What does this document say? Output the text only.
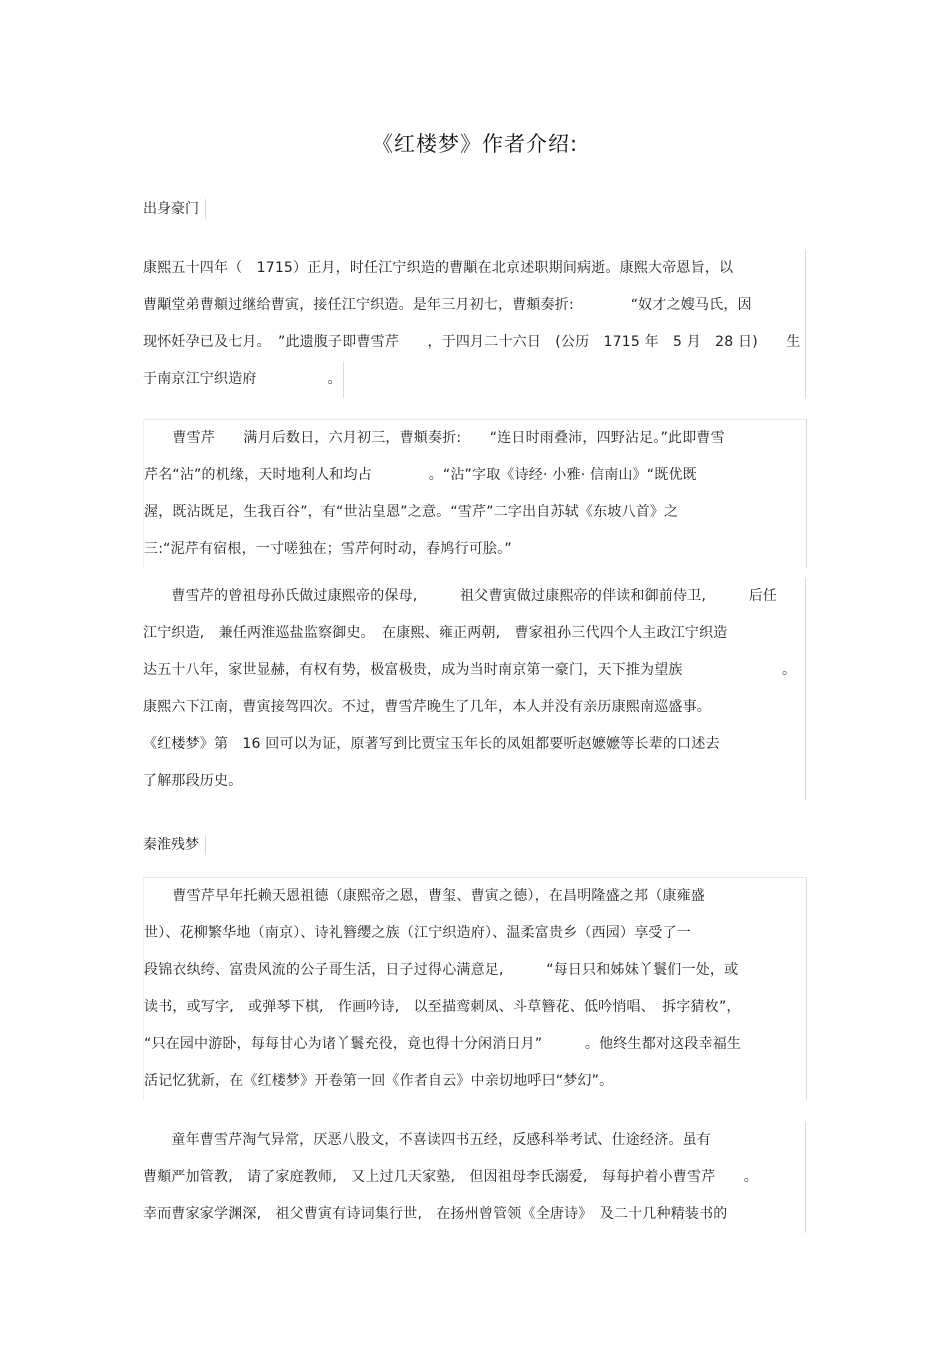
《红楼梦》作者介绍:
出身豪门
康熙五十四年（　1715）正月，时任江宁织造的曹顒在北京述职期间病逝。康熙大帝恩旨，以
曹顒堂弟曹頫过继给曹寅，接任江宁织造。是年三月初七，曹頫奏折:　　　　“奴才之嫂马氏，因
现怀妊孕已及七月。　”此遗腹子即曹雪芹　　，于四月二十六日　(公历　1715 年　5 月　28 日)　　生
于南京江宁织造府　　　　　。
　　曹雪芹　　满月后数日，六月初三，曹頫奏折:　　“连日时雨叠沛，四野沾足。”此即曹雪
芹名“沾”的机缘，天时地利人和均占　　　　。“沾”字取《诗经· 小雅· 信南山》“既优既
渥，既沾既足，生我百谷”，有“世沾皇恩”之意。“雪芹”二字出自苏轼《东坡八首》之
三:“泥芹有宿根，一寸嗟独在；雪芹何时动，春鸠行可脍。”
　　曹雪芹的曾祖母孙氏做过康熙帝的保母,　　　祖父曹寅做过康熙帝的伴读和御前侍卫,　　　后任
江宁织造,　兼任两淮巡盐监察御史。　在康熙、雍正两朝,　曹家祖孙三代四个人主政江宁织造
达五十八年，家世显赫，有权有势，极富极贵，成为当时南京第一豪门，天下推为望族　　　　　　　。
康熙六下江南，曹寅接驾四次。不过，曹雪芹晚生了几年，本人并没有亲历康熙南巡盛事。
《红楼梦》第　16 回可以为证，原著写到比贾宝玉年长的凤姐都要听赵嬷嬷等长辈的口述去
了解那段历史。
秦淮残梦
　　曹雪芹早年托赖天恩祖德（康熙帝之恩，曹玺、曹寅之德），在昌明隆盛之邦（康雍盛
世）、花柳繁华地（南京）、诗礼簪缨之族（江宁织造府）、温柔富贵乡（西园）享受了一
段锦衣纨绔、富贵风流的公子哥生活，日子过得心满意足,　　　“每日只和姊妹丫鬟们一处，或
读书，或写字,　或弹琴下棋,　作画吟诗,　以至描鸾刺凤、斗草簪花、低吟悄唱、　拆字猜枚”，
“只在园中游卧，每每甘心为诸丫鬟充役，竟也得十分闲消日月”　　　。他终生都对这段幸福生
活记忆犹新，在《红楼梦》开卷第一回《作者自云》中亲切地呼曰“梦幻”。
　　童年曹雪芹淘气异常，厌恶八股文，不喜读四书五经，反感科举考试、仕途经济。虽有
曹頫严加管教,　请了家庭教师,　又上过几天家塾,　但因祖母李氏溺爱,　每每护着小曹雪芹　　。
幸而曹家家学渊深,　祖父曹寅有诗词集行世,　在扬州曾管领《全唐诗》　及二十几种精装书的
